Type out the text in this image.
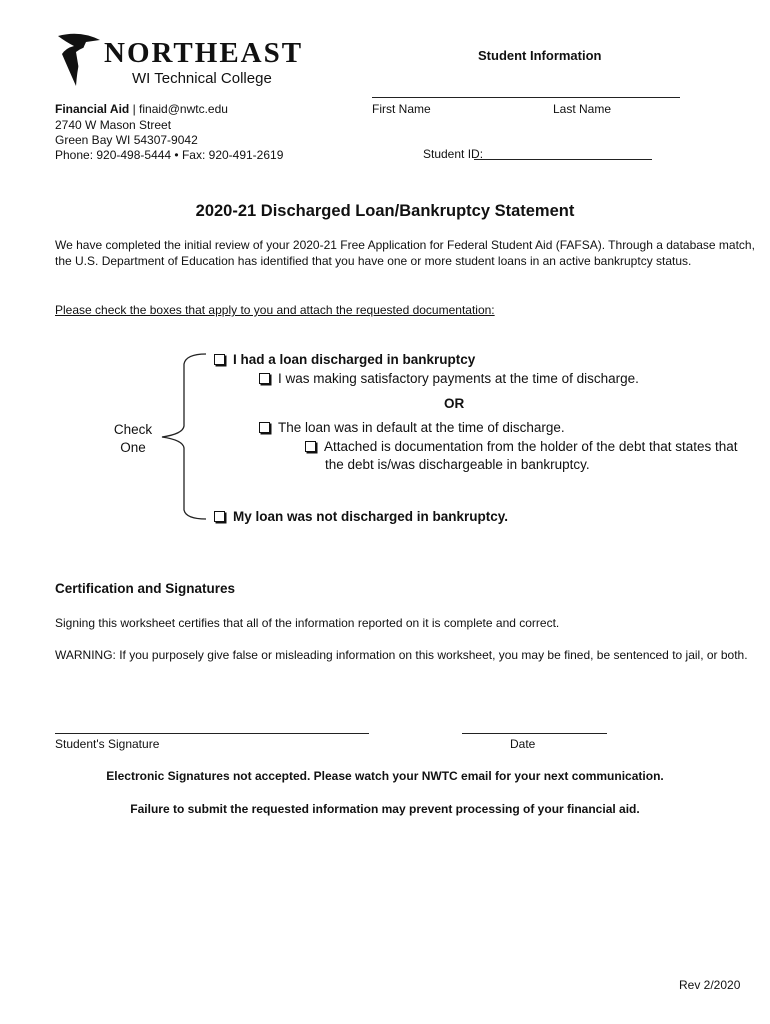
NORTHEAST
WI Technical College
Financial Aid | finaid@nwtc.edu
2740 W Mason Street
Green Bay WI 54307-9042
Phone: 920-498-5444 • Fax: 920-491-2619
Student Information
First Name	Last Name
Student ID:
2020-21 Discharged Loan/Bankruptcy Statement
We have completed the initial review of your 2020-21 Free Application for Federal Student Aid (FAFSA). Through a database match,
the U.S. Department of Education has identified that you have one or more student loans in an active bankruptcy status.
Please check the boxes that apply to you and attach the requested documentation:
Check
One
I had a loan discharged in bankruptcy
I was making satisfactory payments at the time of discharge.
OR
The loan was in default at the time of discharge.
Attached is documentation from the holder of the debt that states that
the debt is/was dischargeable in bankruptcy.
My loan was not discharged in bankruptcy.
Certification and Signatures
Signing this worksheet certifies that all of the information reported on it is complete and correct.
WARNING: If you purposely give false or misleading information on this worksheet, you may be fined, be sentenced to jail, or both.
Student's Signature	Date
Electronic Signatures not accepted. Please watch your NWTC email for your next communication.
Failure to submit the requested information may prevent processing of your financial aid.
Rev 2/2020
